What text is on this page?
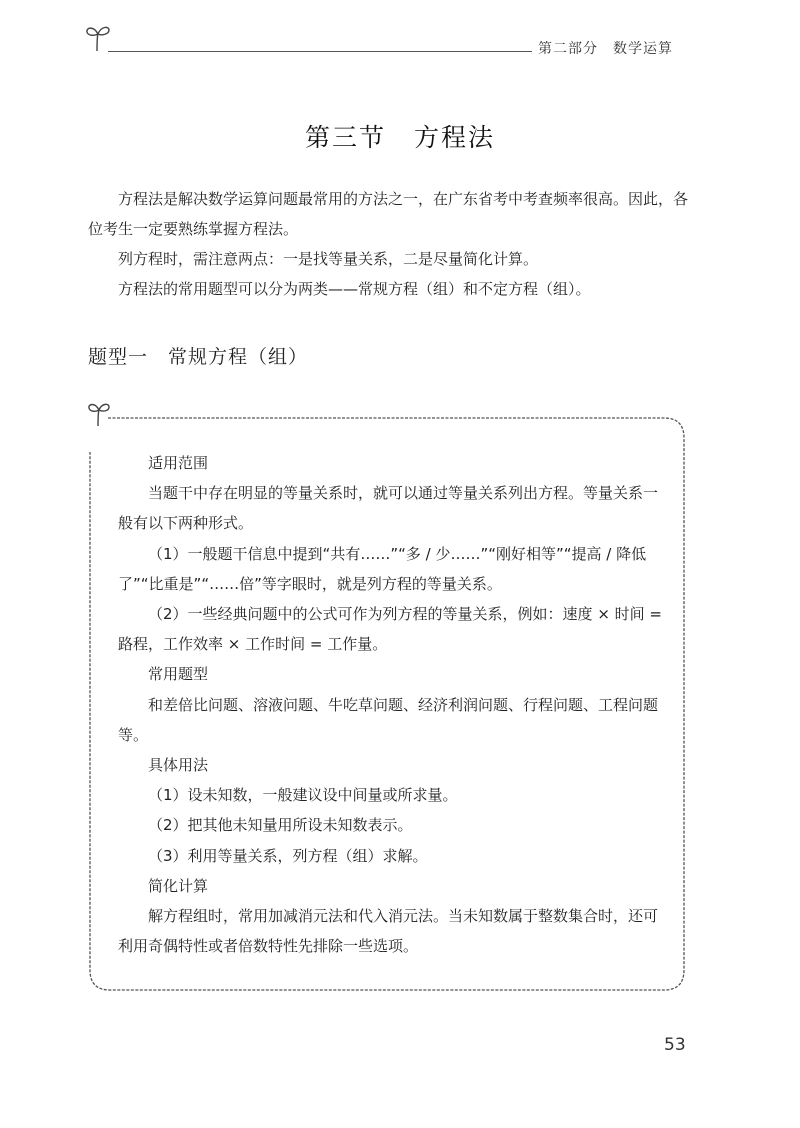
第二部分　数学运算
第三节 方程法

方程法是解决数学运算问题最常用的方法之一，在广东省考中考查频率很高。因此，各位考生一定要熟练掌握方程法。

列方程时，需注意两点：一是找等量关系，二是尽量简化计算。

方程法的常用题型可以分为两类——常规方程（组）和不定方程（组）。

题型一　常规方程（组）

适用范围

当题干中存在明显的等量关系时，就可以通过等量关系列出方程。等量关系一般有以下两种形式。

（1）一般题干信息中提到“共有……”“多 / 少……”“刚好相等”“提高 / 降低了”“比重是”“……倍”等字眼时，就是列方程的等量关系。

（2）一些经典问题中的公式可作为列方程的等量关系，例如：速度 × 时间 = 路程，工作效率 × 工作时间 = 工作量。

常用题型

和差倍比问题、溶液问题、牛吃草问题、经济利润问题、行程问题、工程问题等。

具体用法

（1）设未知数，一般建议设中间量或所求量。

（2）把其他未知量用所设未知数表示。

（3）利用等量关系，列方程（组）求解。

简化计算

解方程组时，常用加减消元法和代入消元法。当未知数属于整数集合时，还可利用奇偶特性或者倍数特性先排除一些选项。

53
